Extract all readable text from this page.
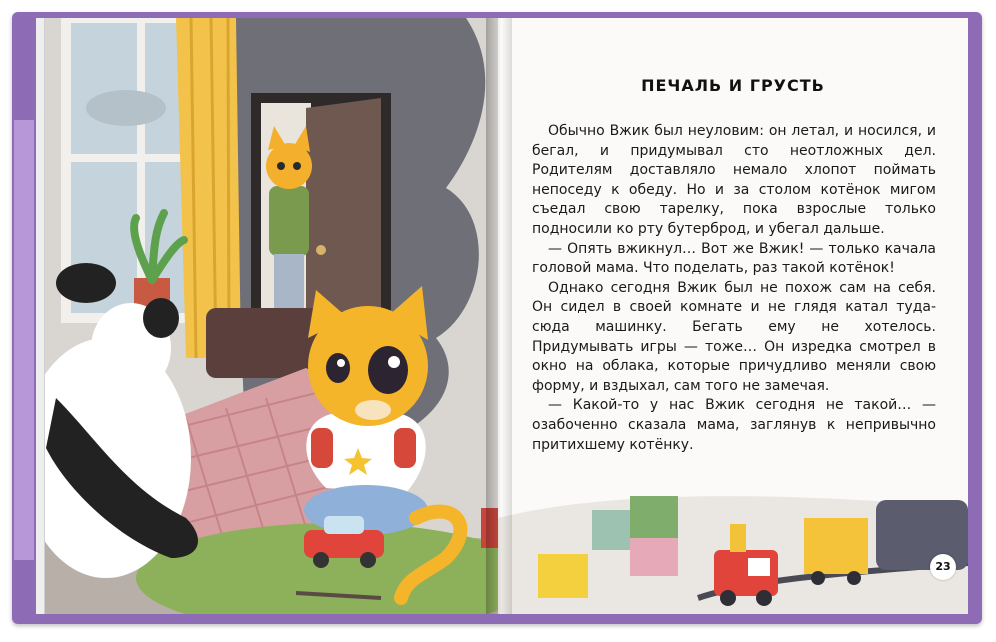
ПЕЧАЛЬ И ГРУСТЬ

Обычно Вжик был неуловим: он летал, и носился, и бегал, и придумывал сто неотложных дел. Родителям доставляло немало хлопот поймать непоседу к обеду. Но и за столом котёнок мигом съедал свою тарелку, пока взрослые только подносили ко рту бутерброд, и убегал дальше.

— Опять вжикнул… Вот же Вжик! — только качала головой мама. Что поделать, раз такой котёнок!

Однако сегодня Вжик был не похож сам на себя. Он сидел в своей комнате и не глядя катал туда-сюда машинку. Бегать ему не хотелось. Придумывать игры — тоже… Он изредка смотрел в окно на облака, которые причудливо меняли свою форму, и вздыхал, сам того не замечая.

— Какой-то у нас Вжик сегодня не такой… — озабоченно сказала мама, заглянув к непривычно притихшему котёнку.

23
